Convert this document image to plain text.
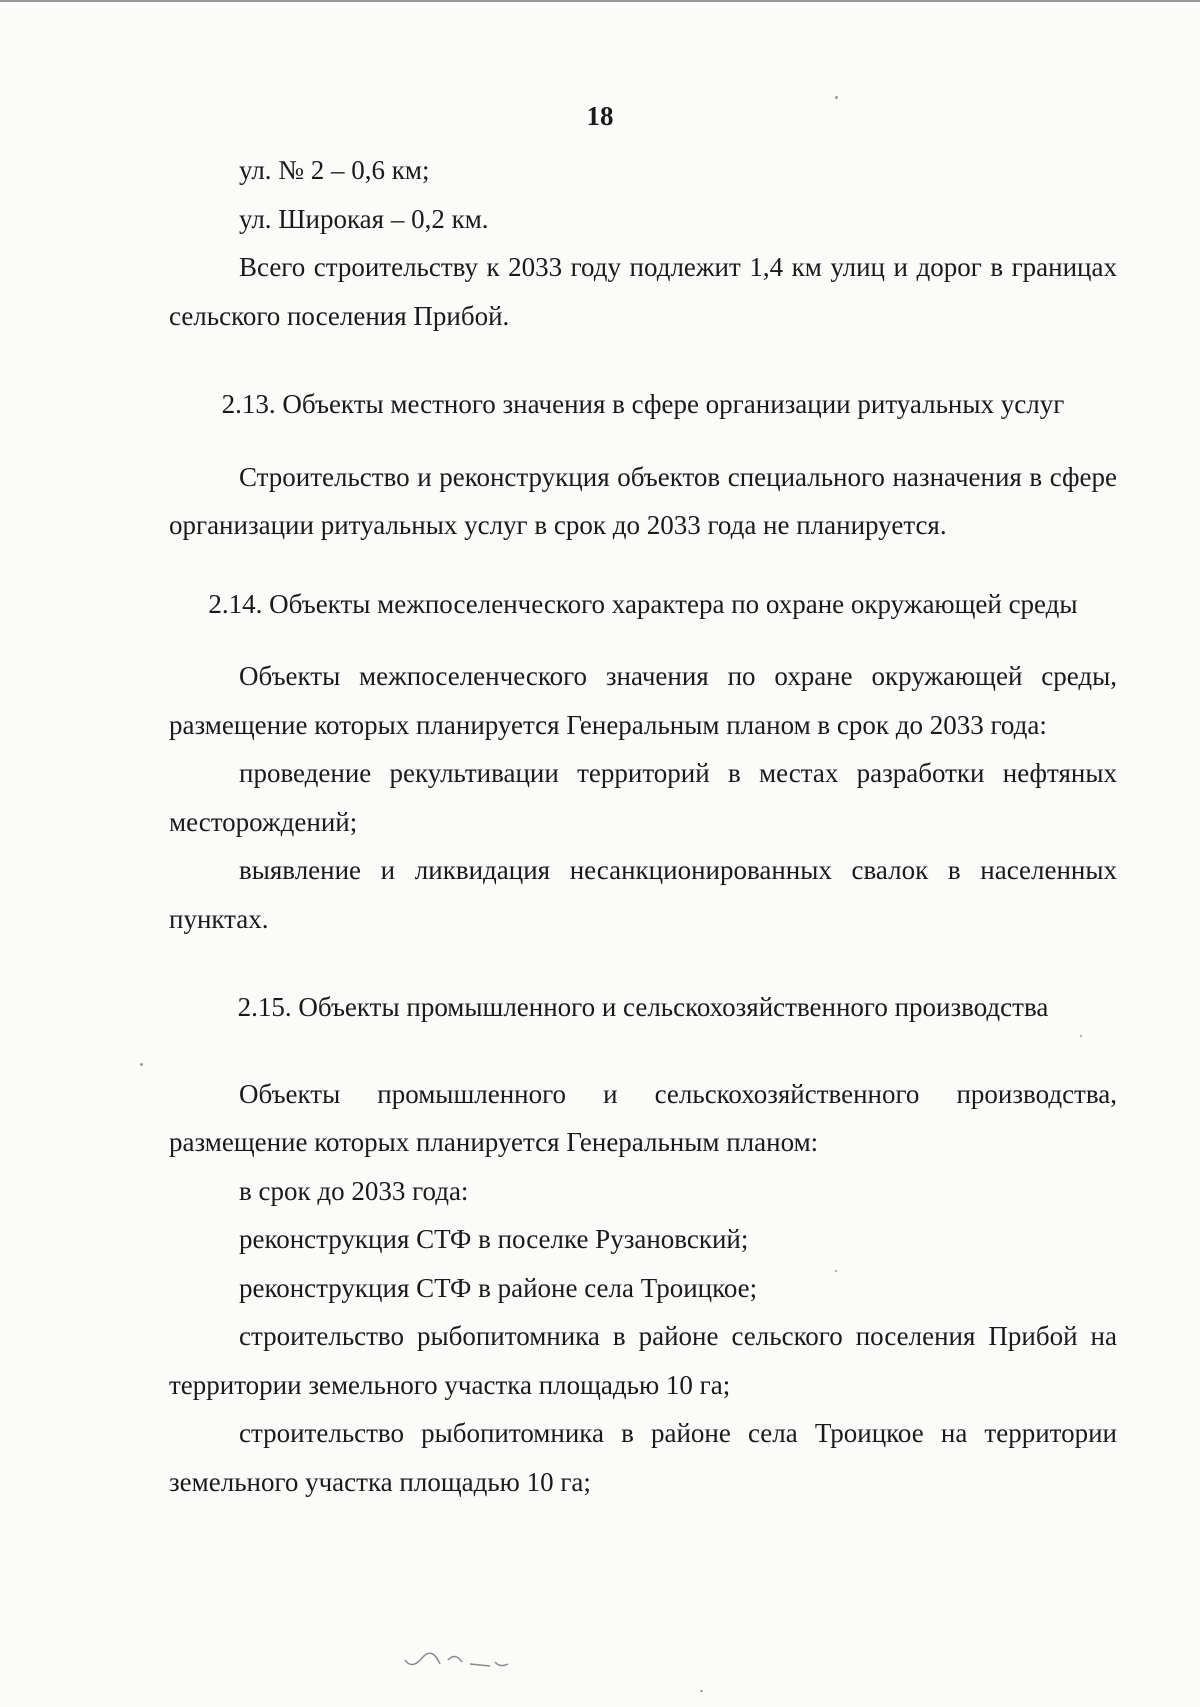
18

ул. № 2 – 0,6 км;

ул. Широкая – 0,2 км.

Всего строительству к 2033 году подлежит 1,4 км улиц и дорог в границах сельского поселения Прибой.

2.13. Объекты местного значения в сфере организации ритуальных услуг

Строительство и реконструкция объектов специального назначения в сфере организации ритуальных услуг в срок до 2033 года не планируется.

2.14. Объекты межпоселенческого характера по охране окружающей среды

Объекты межпоселенческого значения по охране окружающей среды, размещение которых планируется Генеральным планом в срок до 2033 года:

проведение рекультивации территорий в местах разработки нефтяных месторождений;

выявление и ликвидация несанкционированных свалок в населенных пунктах.

2.15. Объекты промышленного и сельскохозяйственного производства

Объекты промышленного и сельскохозяйственного производства, размещение которых планируется Генеральным планом:

в срок до 2033 года:

реконструкция СТФ в поселке Рузановский;

реконструкция СТФ в районе села Троицкое;

строительство рыбопитомника в районе сельского поселения Прибой на территории земельного участка площадью 10 га;

строительство рыбопитомника в районе села Троицкое на территории земельного участка площадью 10 га;
